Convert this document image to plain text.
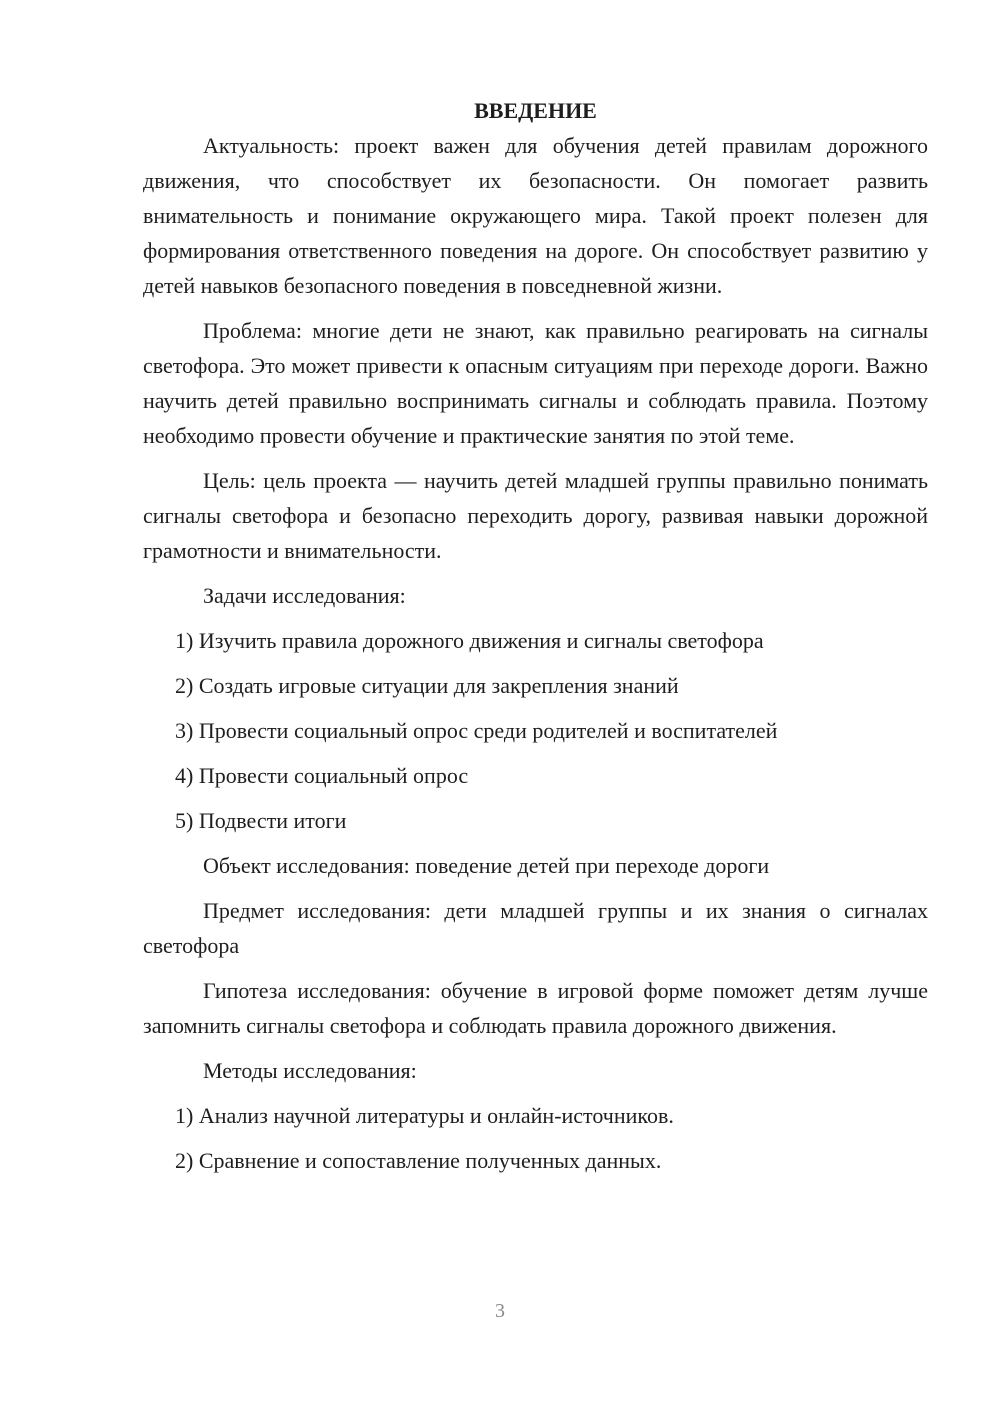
ВВЕДЕНИЕ

Актуальность: проект важен для обучения детей правилам дорожного движения, что способствует их безопасности. Он помогает развить внимательность и понимание окружающего мира. Такой проект полезен для формирования ответственного поведения на дороге. Он способствует развитию у детей навыков безопасного поведения в повседневной жизни.

Проблема: многие дети не знают, как правильно реагировать на сигналы светофора. Это может привести к опасным ситуациям при переходе дороги. Важно научить детей правильно воспринимать сигналы и соблюдать правила. Поэтому необходимо провести обучение и практические занятия по этой теме.

Цель: цель проекта — научить детей младшей группы правильно понимать сигналы светофора и безопасно переходить дорогу, развивая навыки дорожной грамотности и внимательности.

Задачи исследования:

1) Изучить правила дорожного движения и сигналы светофора

2) Создать игровые ситуации для закрепления знаний

3) Провести социальный опрос среди родителей и воспитателей

4) Провести социальный опрос

5) Подвести итоги

Объект исследования: поведение детей при переходе дороги

Предмет исследования: дети младшей группы и их знания о сигналах светофора

Гипотеза исследования: обучение в игровой форме поможет детям лучше запомнить сигналы светофора и соблюдать правила дорожного движения.

Методы исследования:

1) Анализ научной литературы и онлайн-источников.

2) Сравнение и сопоставление полученных данных.

3
